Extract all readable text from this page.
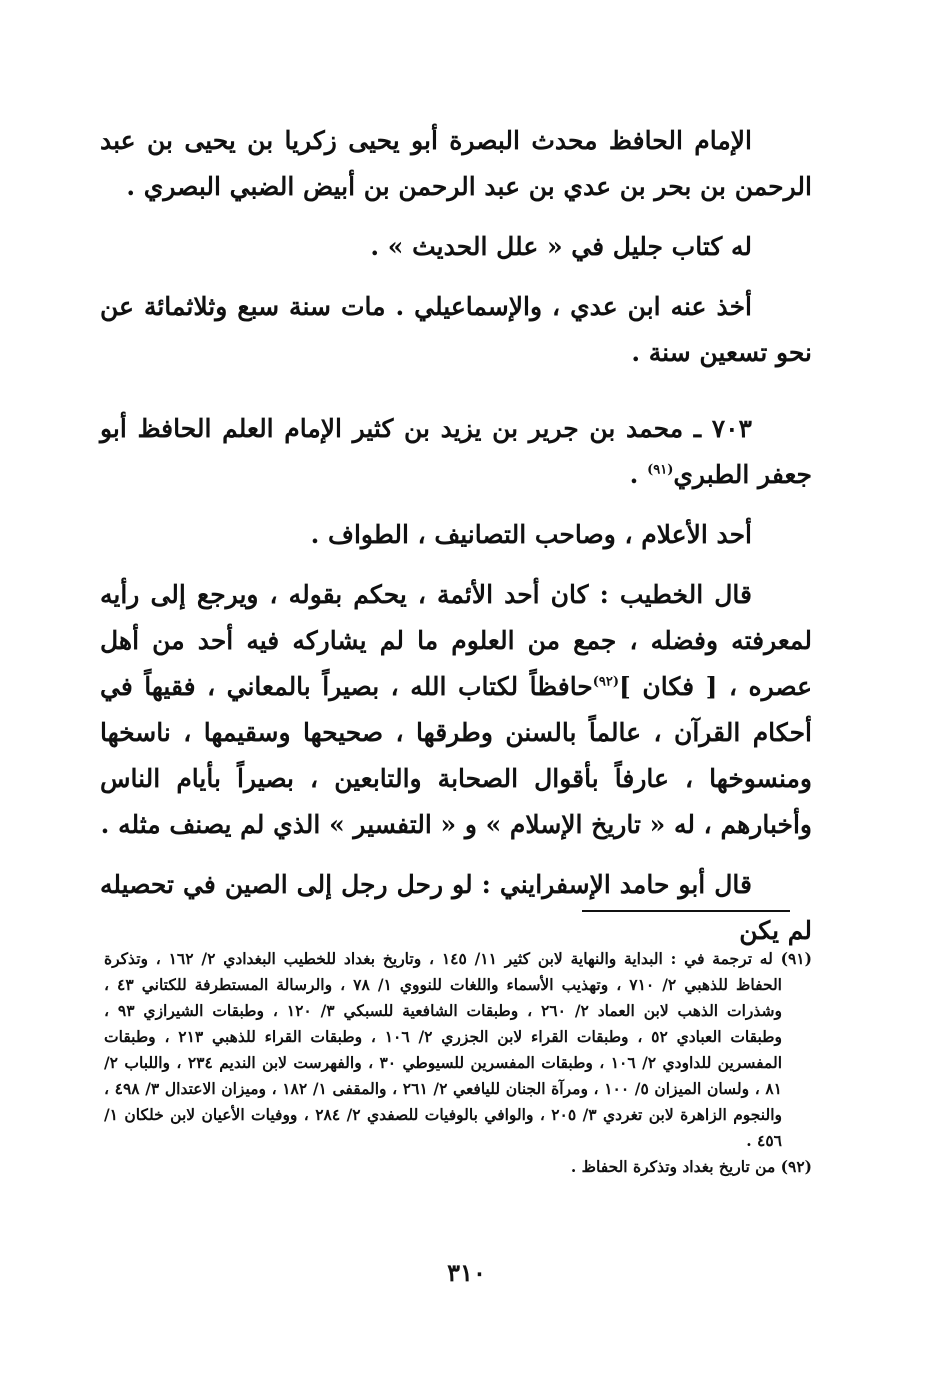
الإمام الحافظ محدث البصرة أبو يحيى زكريا بن يحيى بن عبد الرحمن بن بحر بن عدي بن عبد الرحمن بن أبيض الضبي البصري .

له كتاب جليل في « علل الحديث » .

أخذ عنه ابن عدي ، والإسماعيلي . مات سنة سبع وثلاثمائة عن نحو تسعين سنة .

٧٠٣ ـ محمد بن جرير بن يزيد بن كثير الإمام العلم الحافظ أبو جعفر الطبري$^{(٩١)}$ .

أحد الأعلام ، وصاحب التصانيف ، الطواف .

قال الخطيب : كان أحد الأئمة ، يحكم بقوله ، ويرجع إلى رأيه لمعرفته وفضله ، جمع من العلوم ما لم يشاركه فيه أحد من أهل عصره ، [ فكان ]$^{(٩٢)}$حافظاً لكتاب الله ، بصيراً بالمعاني ، فقيهاً في أحكام القرآن ، عالماً بالسنن وطرقها ، صحيحها وسقيمها ، ناسخها ومنسوخها ، عارفاً بأقوال الصحابة والتابعين ، بصيراً بأيام الناس وأخبارهم ، له « تاريخ الإسلام » و « التفسير » الذي لم يصنف مثله .

قال أبو حامد الإسفرايني : لو رحل رجل إلى الصين في تحصيله لم يكن

(٩١) له ترجمة في : البداية والنهاية لابن كثير ١١/ ١٤٥ ، وتاريخ بغداد للخطيب البغدادي ٢/ ١٦٢ ، وتذكرة الحفاظ للذهبي ٢/ ٧١٠ ، وتهذيب الأسماء واللغات للنووي ١/ ٧٨ ، والرسالة المستطرفة للكتاني ٤٣ ، وشذرات الذهب لابن العماد ٢/ ٢٦٠ ، وطبقات الشافعية للسبكي ٣/ ١٢٠ ، وطبقات الشيرازي ٩٣ ، وطبقات العبادي ٥٢ ، وطبقات القراء لابن الجزري ٢/ ١٠٦ ، وطبقات القراء للذهبي ٢١٣ ، وطبقات المفسرين للداودي ٢/ ١٠٦ ، وطبقات المفسرين للسيوطي ٣٠ ، والفهرست لابن النديم ٢٣٤ ، واللباب ٢/ ٨١ ، ولسان الميزان ٥/ ١٠٠ ، ومرآة الجنان لليافعي ٢/ ٢٦١ ، والمقفى ١/ ١٨٢ ، وميزان الاعتدال ٣/ ٤٩٨ ، والنجوم الزاهرة لابن تغردي ٣/ ٢٠٥ ، والوافي بالوفيات للصفدي ٢/ ٢٨٤ ، ووفيات الأعيان لابن خلكان ١/ ٤٥٦ .

(٩٢) من تاريخ بغداد وتذكرة الحفاظ .

٣١٠
